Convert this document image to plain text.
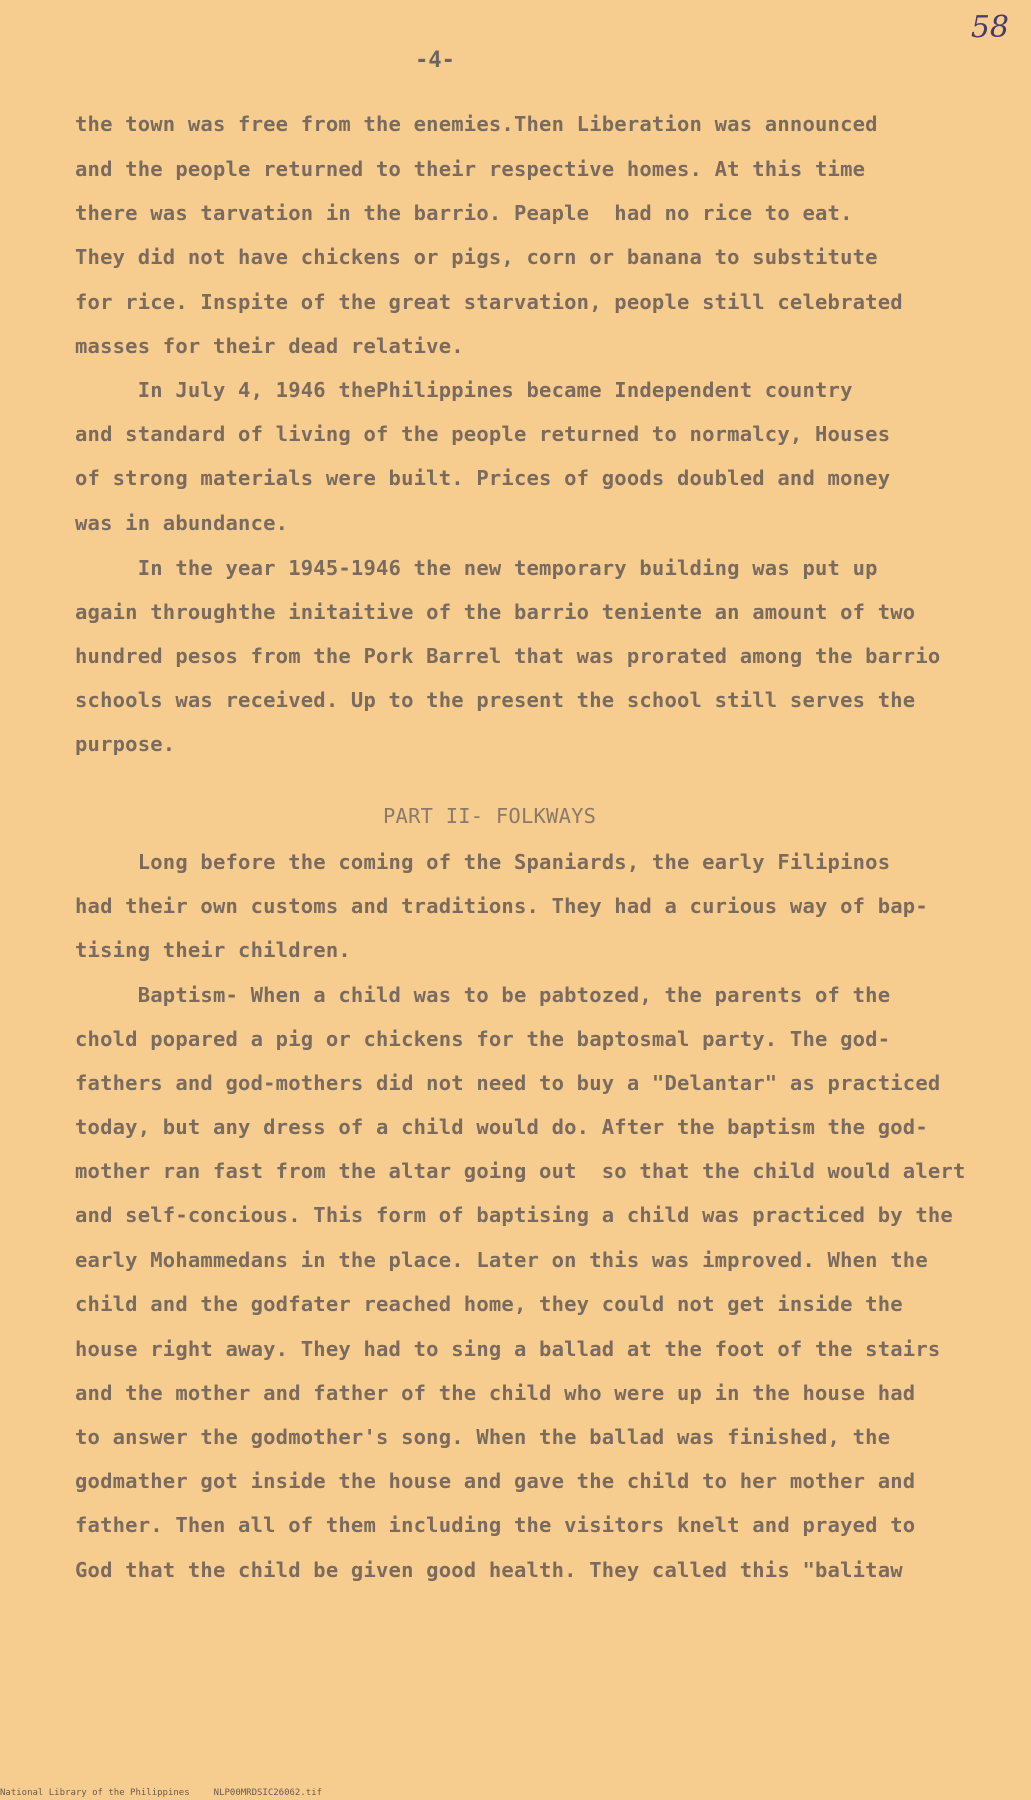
58
-4-
the town was free from the enemies.Then Liberation was announced
and the people returned to their respective homes. At this time
there was tarvation in the barrio. Peaple  had no rice to eat.
They did not have chickens or pigs, corn or banana to substitute
for rice. Inspite of the great starvation, people still celebrated
masses for their dead relative.
In July 4, 1946 thePhilippines became Independent country
and standard of living of the people returned to normalcy, Houses
of strong materials were built. Prices of goods doubled and money
was in abundance.
In the year 1945-1946 the new temporary building was put up
again throughthe initaitive of the barrio teniente an amount of two
hundred pesos from the Pork Barrel that was prorated among the barrio
schools was received. Up to the present the school still serves the
purpose.
PART II- FOLKWAYS
Long before the coming of the Spaniards, the early Filipinos
had their own customs and traditions. They had a curious way of bap-
tising their children.
Baptism- When a child was to be pabtozed, the parents of the
chold popared a pig or chickens for the baptosmal party. The god-
fathers and god-mothers did not need to buy a "Delantar" as practiced
today, but any dress of a child would do. After the baptism the god-
mother ran fast from the altar going out  so that the child would alert
and self-concious. This form of baptising a child was practiced by the
early Mohammedans in the place. Later on this was improved. When the
child and the godfater reached home, they could not get inside the
house right away. They had to sing a ballad at the foot of the stairs
and the mother and father of the child who were up in the house had
to answer the godmother's song. When the ballad was finished, the
godmather got inside the house and gave the child to her mother and
father. Then all of them including the visitors knelt and prayed to
God that the child be given good health. They called this "balitaw
National Library of the Philippines	NLP00MRDSIC26062.tif
